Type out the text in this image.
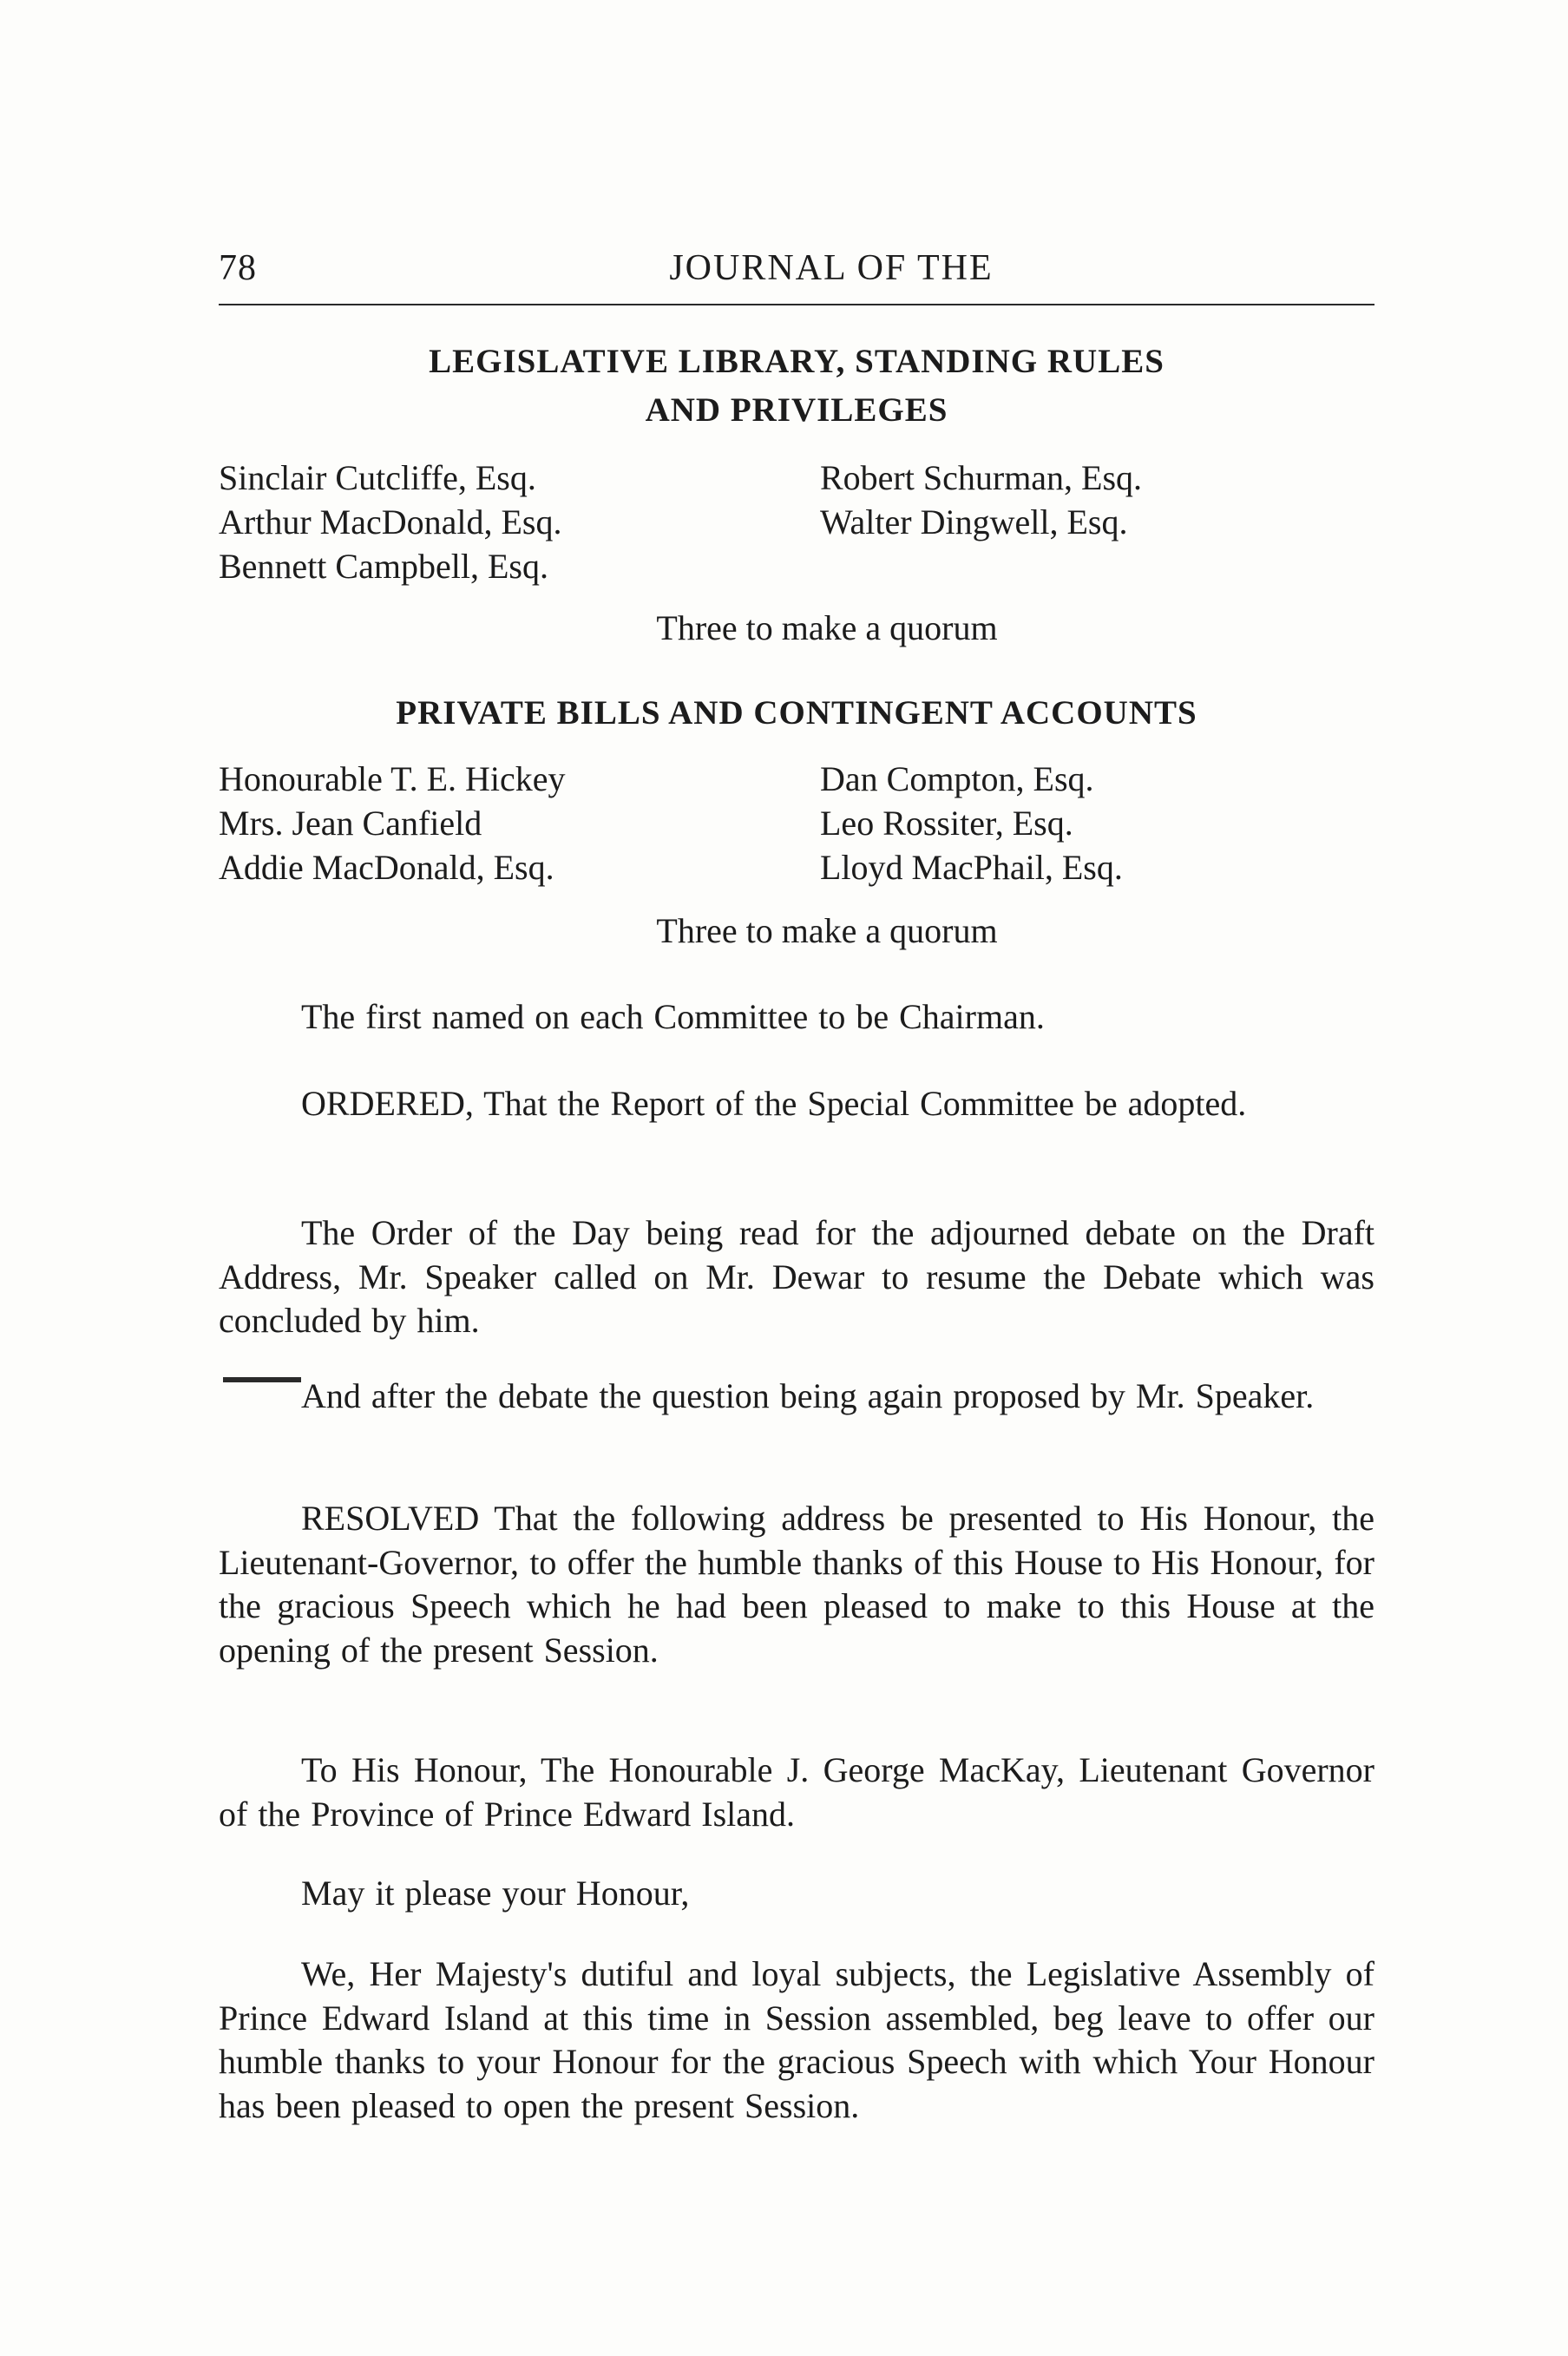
78	JOURNAL OF THE
LEGISLATIVE LIBRARY, STANDING RULES
AND PRIVILEGES
Sinclair Cutcliffe, Esq.
Arthur MacDonald, Esq.
Bennett Campbell, Esq.
Robert Schurman, Esq.
Walter Dingwell, Esq.
Three to make a quorum
PRIVATE BILLS AND CONTINGENT ACCOUNTS
Honourable T. E. Hickey
Mrs. Jean Canfield
Addie MacDonald, Esq.
Dan Compton, Esq.
Leo Rossiter, Esq.
Lloyd MacPhail, Esq.
Three to make a quorum
The first named on each Committee to be Chairman.
ORDERED, That the Report of the Special Committee be adopted.
The Order of the Day being read for the adjourned debate on the Draft Address, Mr. Speaker called on Mr. Dewar to resume the Debate which was concluded by him.
And after the debate the question being again proposed by Mr. Speaker.
RESOLVED That the following address be presented to His Honour, the Lieutenant-Governor, to offer the humble thanks of this House to His Honour, for the gracious Speech which he had been pleased to make to this House at the opening of the present Session.
To His Honour, The Honourable J. George MacKay, Lieutenant Governor of the Province of Prince Edward Island.
May it please your Honour,
We, Her Majesty's dutiful and loyal subjects, the Legislative Assembly of Prince Edward Island at this time in Session assembled, beg leave to offer our humble thanks to your Honour for the gracious Speech with which Your Honour has been pleased to open the present Session.
